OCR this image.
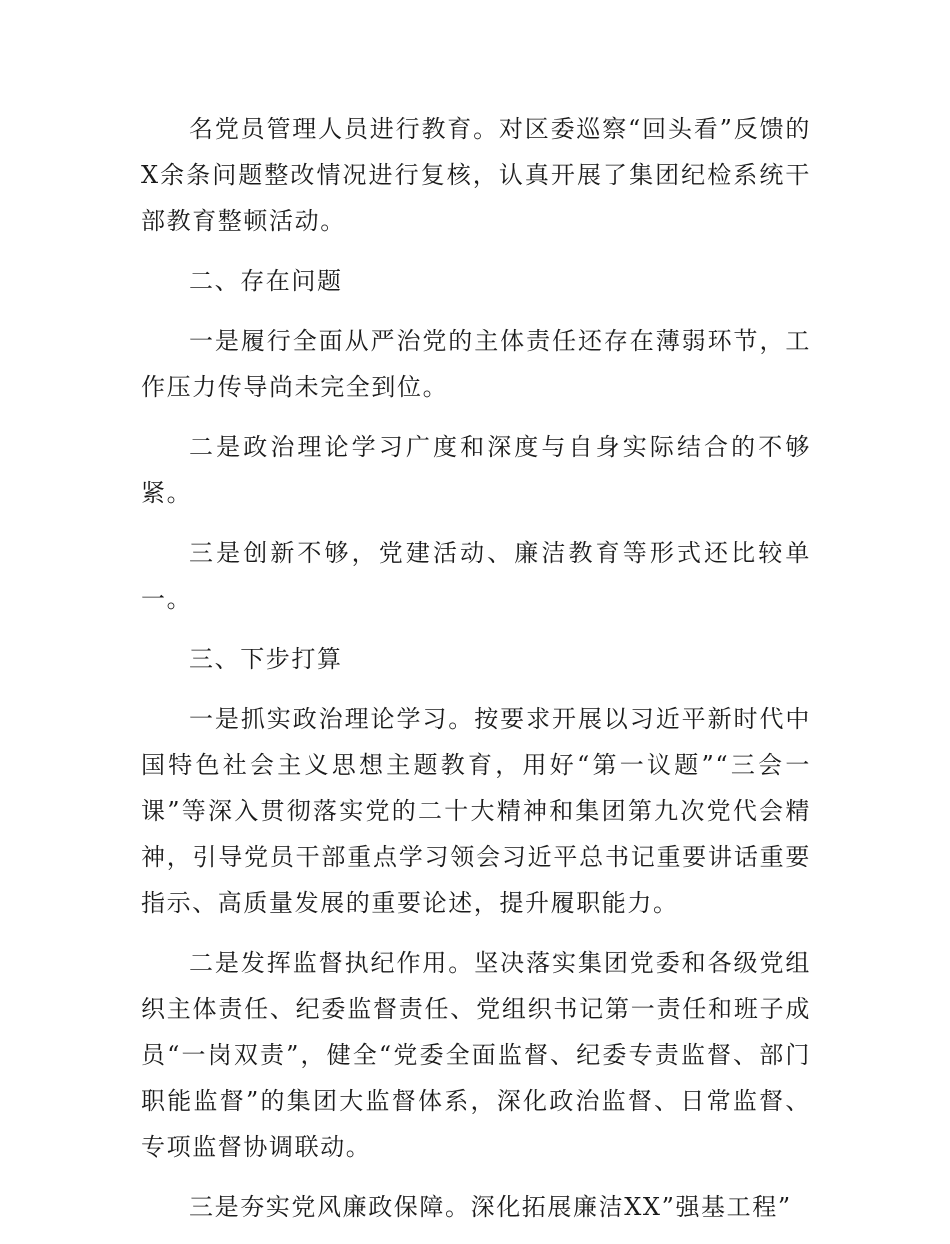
名党员管理人员进行教育。对区委巡察“回头看”反馈的X余条问题整改情况进行复核，认真开展了集团纪检系统干部教育整顿活动。

二、存在问题

一是履行全面从严治党的主体责任还存在薄弱环节，工作压力传导尚未完全到位。

二是政治理论学习广度和深度与自身实际结合的不够紧。

三是创新不够，党建活动、廉洁教育等形式还比较单一。

三、下步打算

一是抓实政治理论学习。按要求开展以习近平新时代中国特色社会主义思想主题教育，用好“第一议题”“三会一课”等深入贯彻落实党的二十大精神和集团第九次党代会精神，引导党员干部重点学习领会习近平总书记重要讲话重要指示、高质量发展的重要论述，提升履职能力。

二是发挥监督执纪作用。坚决落实集团党委和各级党组织主体责任、纪委监督责任、党组织书记第一责任和班子成员“一岗双责”，健全“党委全面监督、纪委专责监督、部门职能监督”的集团大监督体系，深化政治监督、日常监督、专项监督协调联动。

三是夯实党风廉政保障。深化拓展廉洁XX”强基工程”
